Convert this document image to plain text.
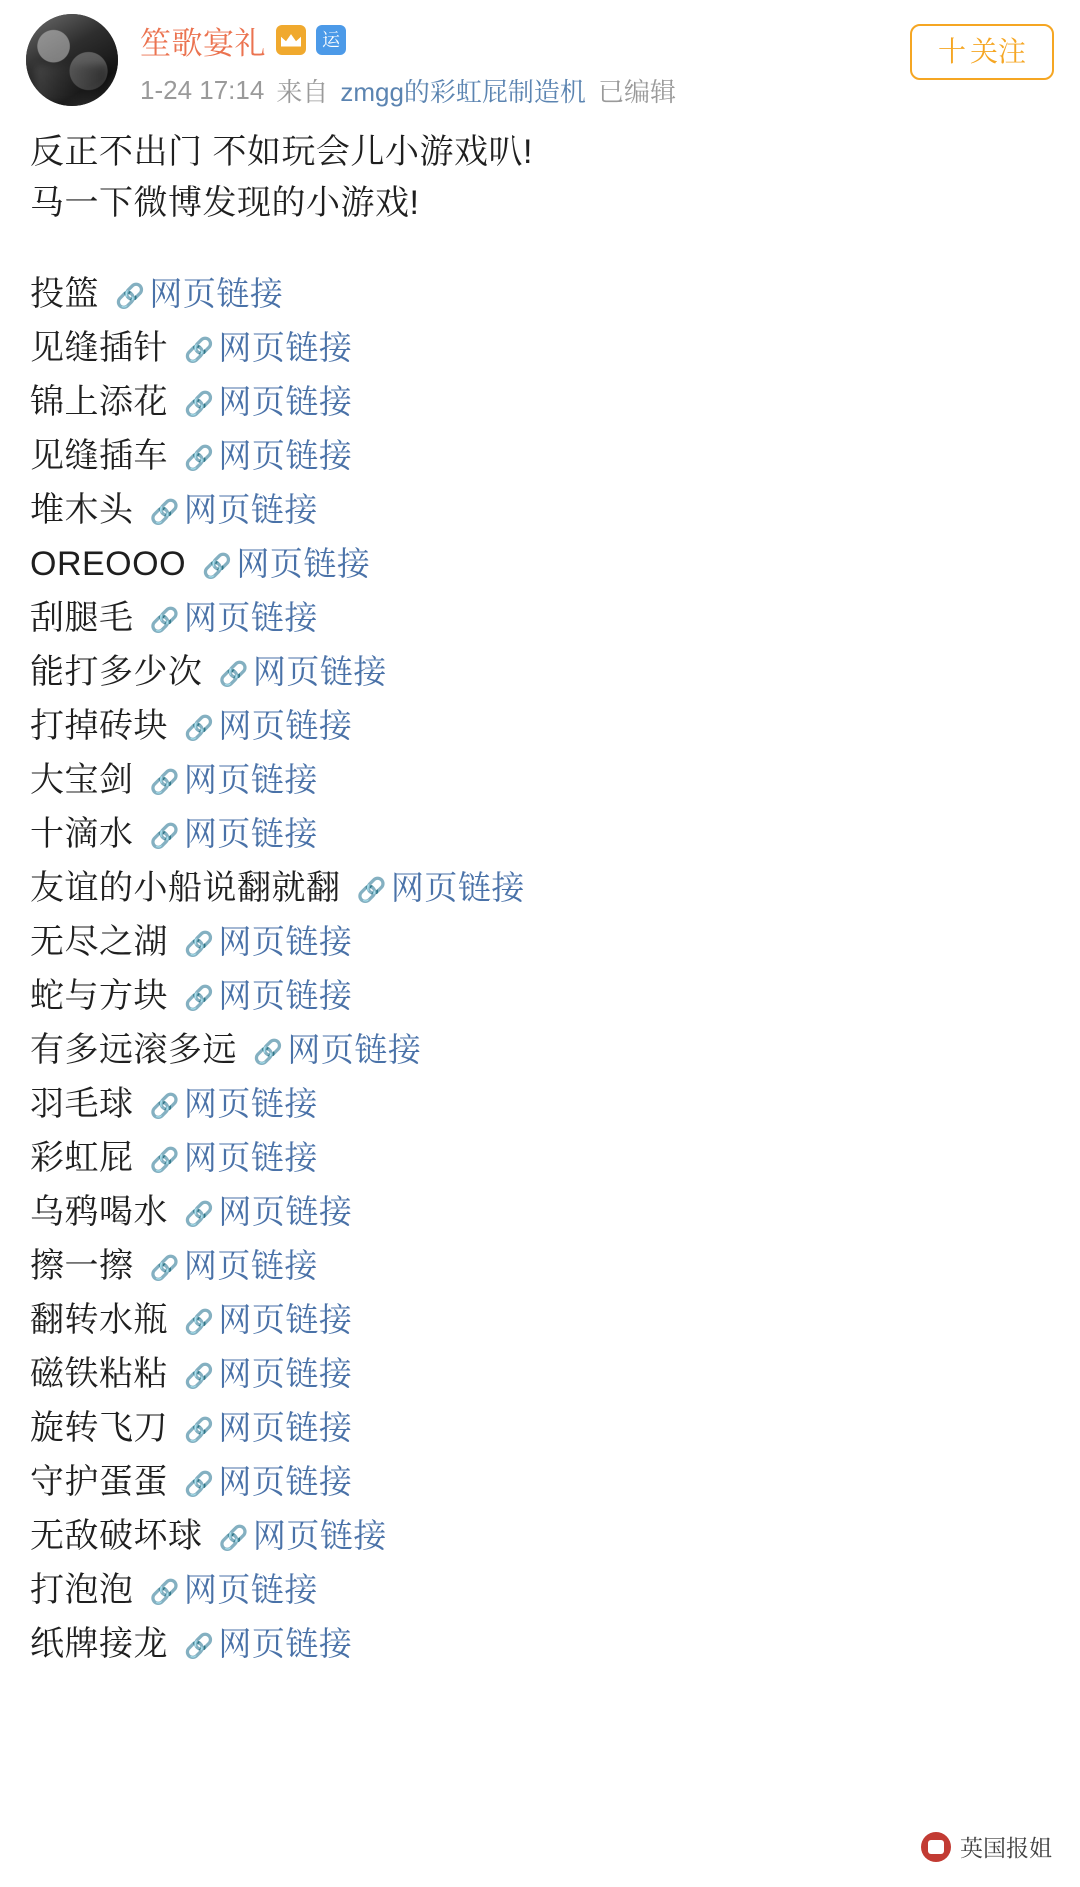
笙歌宴礼	运
1-24 17:14 来自 zmgg的彩虹屁制造机 已编辑
十 关注
反正不出门 不如玩会儿小游戏叭!
马一下微博发现的小游戏!
投篮 🔗 网页链接
见缝插针 🔗 网页链接
锦上添花 🔗 网页链接
见缝插车 🔗 网页链接
堆木头 🔗 网页链接
OREOOO 🔗 网页链接
刮腿毛 🔗 网页链接
能打多少次 🔗 网页链接
打掉砖块 🔗 网页链接
大宝剑 🔗 网页链接
十滴水 🔗 网页链接
友谊的小船说翻就翻 🔗 网页链接
无尽之湖 🔗 网页链接
蛇与方块 🔗 网页链接
有多远滚多远 🔗 网页链接
羽毛球 🔗 网页链接
彩虹屁 🔗 网页链接
乌鸦喝水 🔗 网页链接
擦一擦 🔗 网页链接
翻转水瓶 🔗 网页链接
磁铁粘粘 🔗 网页链接
旋转飞刀 🔗 网页链接
守护蛋蛋 🔗 网页链接
无敌破坏球 🔗 网页链接
打泡泡 🔗 网页链接
纸牌接龙 🔗 网页链接
英国报姐
